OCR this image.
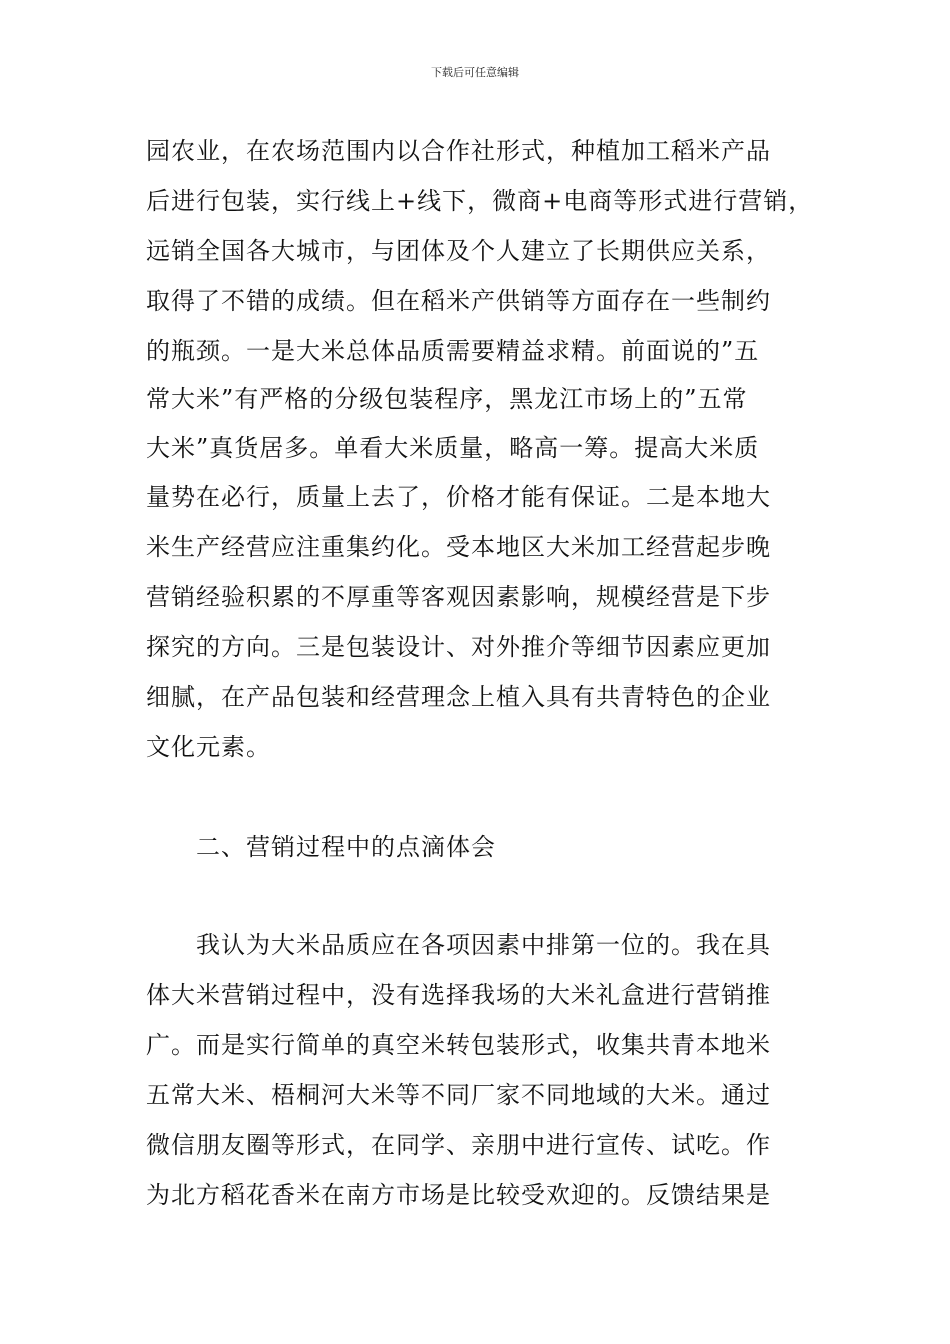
下载后可任意编辑
园农业，在农场范围内以合作社形式，种植加工稻米产品
后进行包装，实行线上+线下，微商+电商等形式进行营销，
远销全国各大城市，与团体及个人建立了长期供应关系，
取得了不错的成绩。但在稻米产供销等方面存在一些制约
的瓶颈。一是大米总体品质需要精益求精。前面说的”五
常大米”有严格的分级包装程序，黑龙江市场上的”五常
大米”真货居多。单看大米质量，略高一筹。提高大米质
量势在必行，质量上去了，价格才能有保证。二是本地大
米生产经营应注重集约化。受本地区大米加工经营起步晚
营销经验积累的不厚重等客观因素影响，规模经营是下步
探究的方向。三是包装设计、对外推介等细节因素应更加
细腻，在产品包装和经营理念上植入具有共青特色的企业
文化元素。
二、营销过程中的点滴体会
我认为大米品质应在各项因素中排第一位的。我在具
体大米营销过程中，没有选择我场的大米礼盒进行营销推
广。而是实行简单的真空米转包装形式，收集共青本地米
五常大米、梧桐河大米等不同厂家不同地域的大米。通过
微信朋友圈等形式，在同学、亲朋中进行宣传、试吃。作
为北方稻花香米在南方市场是比较受欢迎的。反馈结果是
